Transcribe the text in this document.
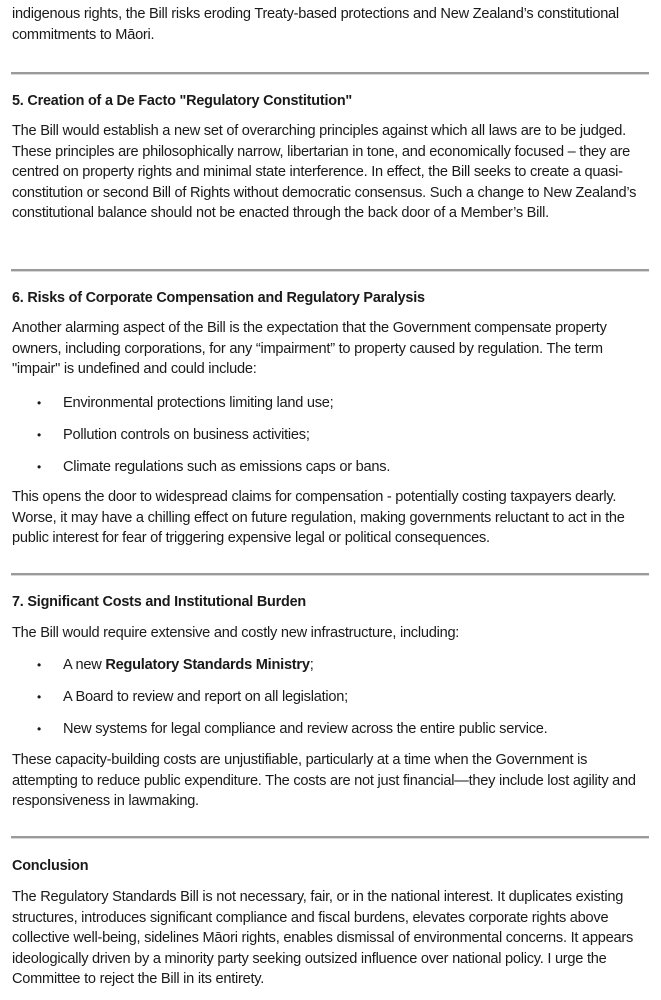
indigenous rights, the Bill risks eroding Treaty-based protections and New Zealand’s constitutional commitments to Māori.

5. Creation of a De Facto "Regulatory Constitution"

The Bill would establish a new set of overarching principles against which all laws are to be judged. These principles are philosophically narrow, libertarian in tone, and economically focused – they are centred on property rights and minimal state interference. In effect, the Bill seeks to create a quasi-constitution or second Bill of Rights without democratic consensus. Such a change to New Zealand’s constitutional balance should not be enacted through the back door of a Member’s Bill.

6. Risks of Corporate Compensation and Regulatory Paralysis

Another alarming aspect of the Bill is the expectation that the Government compensate property owners, including corporations, for any “impairment” to property caused by regulation. The term "impair" is undefined and could include:

•	Environmental protections limiting land use;
•	Pollution controls on business activities;
•	Climate regulations such as emissions caps or bans.

This opens the door to widespread claims for compensation - potentially costing taxpayers dearly. Worse, it may have a chilling effect on future regulation, making governments reluctant to act in the public interest for fear of triggering expensive legal or political consequences.

7. Significant Costs and Institutional Burden

The Bill would require extensive and costly new infrastructure, including:

•	A new Regulatory Standards Ministry;
•	A Board to review and report on all legislation;
•	New systems for legal compliance and review across the entire public service.

These capacity-building costs are unjustifiable, particularly at a time when the Government is attempting to reduce public expenditure. The costs are not just financial—they include lost agility and responsiveness in lawmaking.

Conclusion

The Regulatory Standards Bill is not necessary, fair, or in the national interest. It duplicates existing structures, introduces significant compliance and fiscal burdens, elevates corporate rights above collective well-being, sidelines Māori rights, enables dismissal of environmental concerns. It appears ideologically driven by a minority party seeking outsized influence over national policy. I urge the Committee to reject the Bill in its entirety.
